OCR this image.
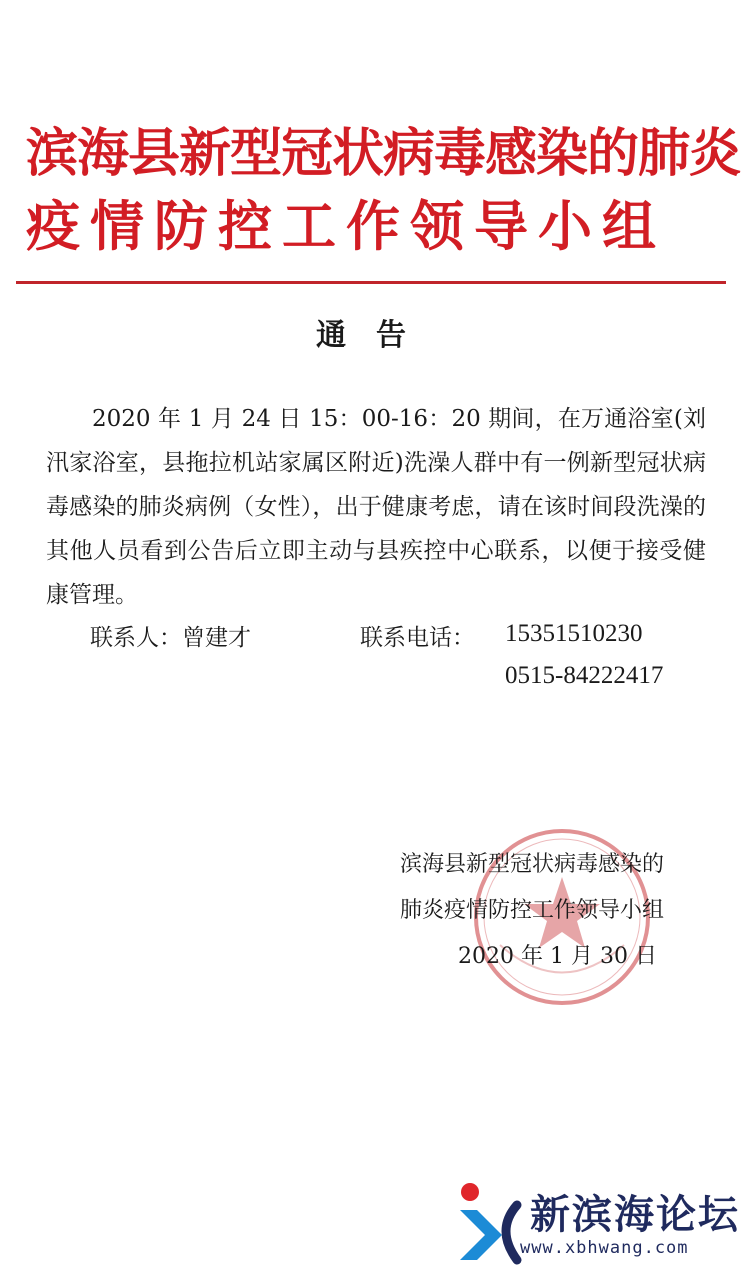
滨海县新型冠状病毒感染的肺炎
疫情防控工作领导小组
通告
2020 年 1 月 24 日 15：00-16：20 期间，在万通浴室(刘汛家浴室，县拖拉机站家属区附近)洗澡人群中有一例新型冠状病毒感染的肺炎病例（女性），出于健康考虑，请在该时间段洗澡的其他人员看到公告后立即主动与县疾控中心联系，以便于接受健康管理。
联系人：曾建才	联系电话： 15351510230
0515-84222417
滨海县新型冠状病毒感染的
肺炎疫情防控工作领导小组
2020 年 1 月 30 日
新滨海论坛
www.xbhwang.com
